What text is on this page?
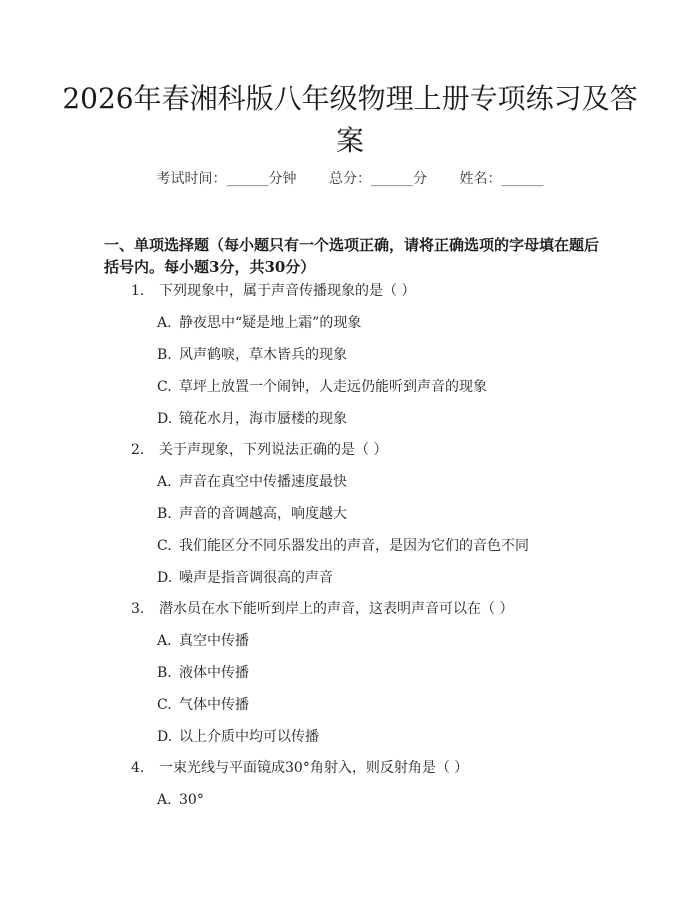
2026年春湘科版八年级物理上册专项练习及答案
考试时间：______分钟 总分：______分 姓名：______
一、单项选择题（每小题只有一个选项正确，请将正确选项的字母填在题后括号内。每小题3分，共30分）
1. 下列现象中，属于声音传播现象的是（ ）
A. 静夜思中“疑是地上霜”的现象
B. 风声鹤唳，草木皆兵的现象
C. 草坪上放置一个闹钟，人走远仍能听到声音的现象
D. 镜花水月，海市蜃楼的现象
2. 关于声现象，下列说法正确的是（ ）
A. 声音在真空中传播速度最快
B. 声音的音调越高，响度越大
C. 我们能区分不同乐器发出的声音，是因为它们的音色不同
D. 噪声是指音调很高的声音
3. 潜水员在水下能听到岸上的声音，这表明声音可以在（ ）
A. 真空中传播
B. 液体中传播
C. 气体中传播
D. 以上介质中均可以传播
4. 一束光线与平面镜成30°角射入，则反射角是（ ）
A. 30°
